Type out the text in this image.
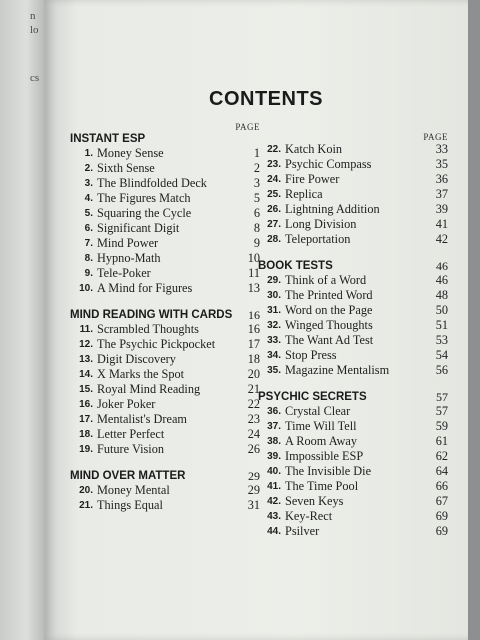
n
lo
cs
CONTENTS
PAGE
INSTANT ESP
1. Money Sense	1
2. Sixth Sense	2
3. The Blindfolded Deck	3
4. The Figures Match	5
5. Squaring the Cycle	6
6. Significant Digit	8
7. Mind Power	9
8. Hypno-Math	10
9. Tele-Poker	11
10. A Mind for Figures	13
MIND READING WITH CARDS 16
11. Scrambled Thoughts	16
12. The Psychic Pickpocket	17
13. Digit Discovery	18
14. X Marks the Spot	20
15. Royal Mind Reading	21
16. Joker Poker	22
17. Mentalist's Dream	23
18. Letter Perfect	24
19. Future Vision	26
MIND OVER MATTER	29
20. Money Mental	29
21. Things Equal	31
PAGE
22. Katch Koin	33
23. Psychic Compass	35
24. Fire Power	36
25. Replica	37
26. Lightning Addition	39
27. Long Division	41
28. Teleportation	42
BOOK TESTS	46
29. Think of a Word	46
30. The Printed Word	48
31. Word on the Page	50
32. Winged Thoughts	51
33. The Want Ad Test	53
34. Stop Press	54
35. Magazine Mentalism	56
PSYCHIC SECRETS	57
36. Crystal Clear	57
37. Time Will Tell	59
38. A Room Away	61
39. Impossible ESP	62
40. The Invisible Die	64
41. The Time Pool	66
42. Seven Keys	67
43. Key-Rect	69
44. Psilver	69
